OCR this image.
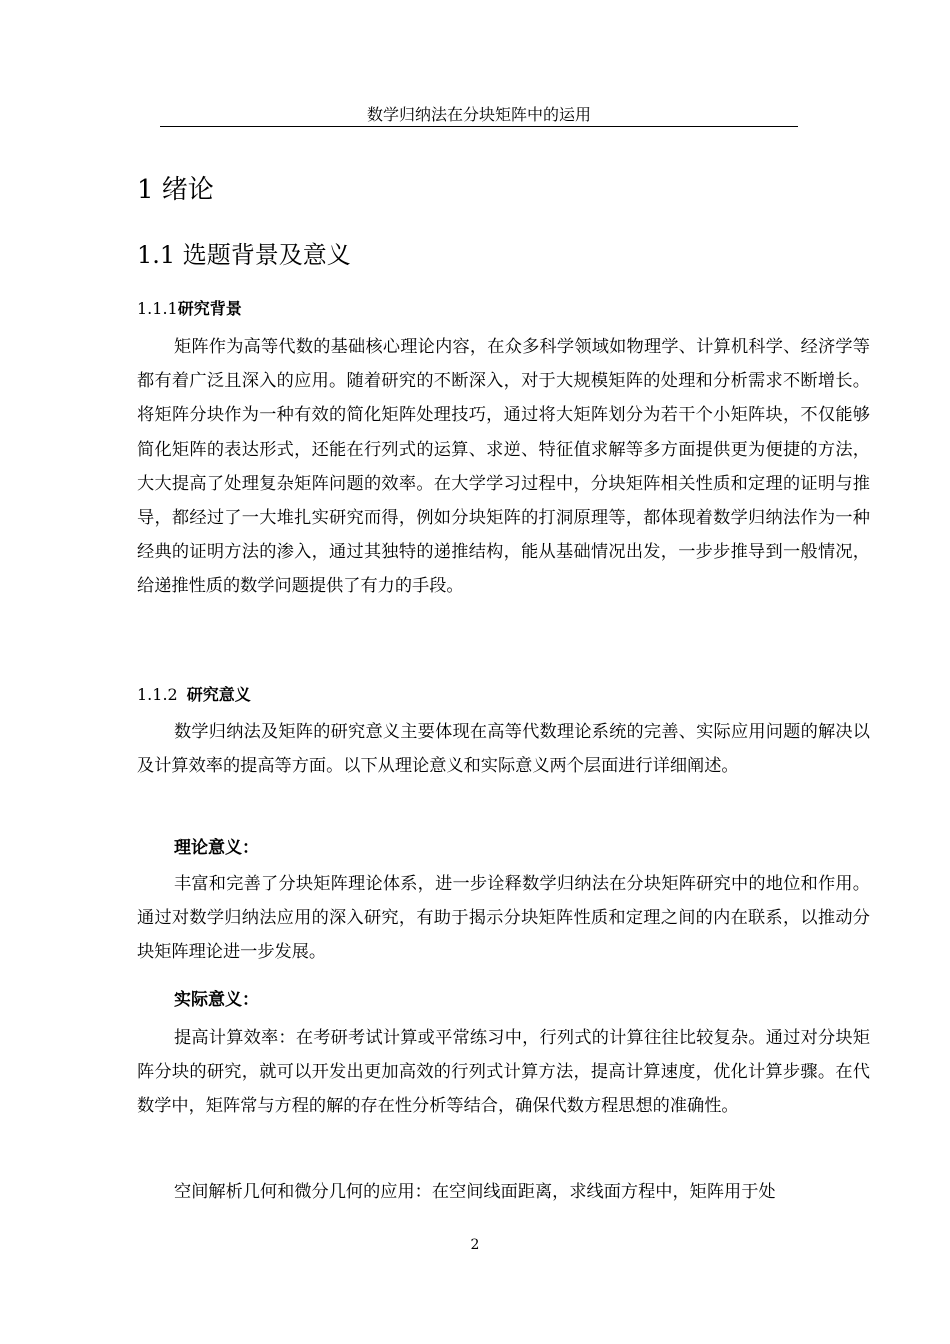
数学归纳法在分块矩阵中的运用
1 绪论
1.1 选题背景及意义
1.1.1研究背景

矩阵作为高等代数的基础核心理论内容，在众多科学领域如物理学、计算机科学、经济学等都有着广泛且深入的应用。随着研究的不断深入，对于大规模矩阵的处理和分析需求不断增长。将矩阵分块作为一种有效的简化矩阵处理技巧，通过将大矩阵划分为若干个小矩阵块，不仅能够简化矩阵的表达形式，还能在行列式的运算、求逆、特征值求解等多方面提供更为便捷的方法，大大提高了处理复杂矩阵问题的效率。在大学学习过程中，分块矩阵相关性质和定理的证明与推导，都经过了一大堆扎实研究而得，例如分块矩阵的打洞原理等，都体现着数学归纳法作为一种经典的证明方法的渗入，通过其独特的递推结构，能从基础情况出发，一步步推导到一般情况，给递推性质的数学问题提供了有力的手段。

1.1.2 研究意义

数学归纳法及矩阵的研究意义主要体现在高等代数理论系统的完善、实际应用问题的解决以及计算效率的提高等方面。以下从理论意义和实际意义两个层面进行详细阐述。

理论意义：

丰富和完善了分块矩阵理论体系，进一步诠释数学归纳法在分块矩阵研究中的地位和作用。通过对数学归纳法应用的深入研究，有助于揭示分块矩阵性质和定理之间的内在联系，以推动分块矩阵理论进一步发展。

实际意义：

提高计算效率：在考研考试计算或平常练习中，行列式的计算往往比较复杂。通过对分块矩阵分块的研究，就可以开发出更加高效的行列式计算方法，提高计算速度，优化计算步骤。在代数学中，矩阵常与方程的解的存在性分析等结合，确保代数方程思想的准确性。

空间解析几何和微分几何的应用：在空间线面距离，求线面方程中，矩阵用于处

2
